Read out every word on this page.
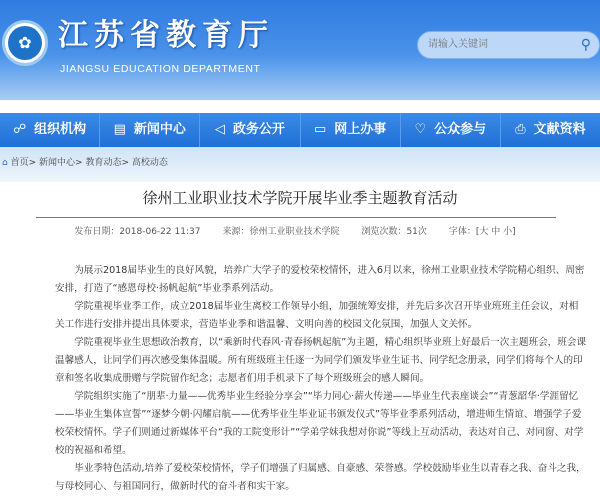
✿ 江苏省教育厅
JIANGSU EDUCATION DEPARTMENT
请输入关键词
⚲
☍ 组织机构 ▤ 新闻中心 ◁ 政务公开 ▭ 网上办事 ♡ 公众参与 ⎙ 文献资料
⌂ 首页> 新闻中心> 教育动态> 高校动态
徐州工业职业技术学院开展毕业季主题教育活动
发布日期：2018-06-22 11:37 来源：徐州工业职业技术学院 浏览次数：51次 字体：[大 中 小]

为展示2018届毕业生的良好风貌，培养广大学子的爱校荣校情怀，进入6月以来，徐州工业职业技术学院精心组织、周密安排，打造了“感恩母校·扬帆起航”毕业季系列活动。

学院重视毕业季工作，成立2018届毕业生离校工作领导小组，加强统筹安排，并先后多次召开毕业班班主任会议，对相关工作进行安排并提出具体要求，营造毕业季和谐温馨、文明向善的校园文化氛围，加强人文关怀。

学院重视毕业生思想政治教育，以“乘新时代春风·青春扬帆起航”为主题，精心组织毕业班上好最后一次主题班会，班会课温馨感人，让同学们再次感受集体温暖。所有班级班主任逐一为同学们颁发毕业生证书、同学纪念册录，同学们将每个人的印章和签名收集成册赠与学院留作纪念；志愿者们用手机录下了每个班级班会的感人瞬间。

学院组织实施了“朋辈·力量——优秀毕业生经验分享会”“毕力同心·薪火传递——毕业生代表座谈会”“青葱韶华·学涯留忆——毕业生集体宣誓”“逐梦今朝·闪耀启航——优秀毕业生毕业证书颁发仪式”等毕业季系列活动，增进师生情谊、增强学子爱校荣校情怀。学子们则通过新媒体平台“我的工院变形计”“学弟学妹我想对你说”等线上互动活动，表达对自己、对同窗、对学校的祝福和希望。

毕业季特色活动,培养了爱校荣校情怀，学子们增强了归属感、自豪感、荣誉感。学校鼓励毕业生以青春之我、奋斗之我，与母校同心、与祖国同行，做新时代的奋斗者和实干家。
